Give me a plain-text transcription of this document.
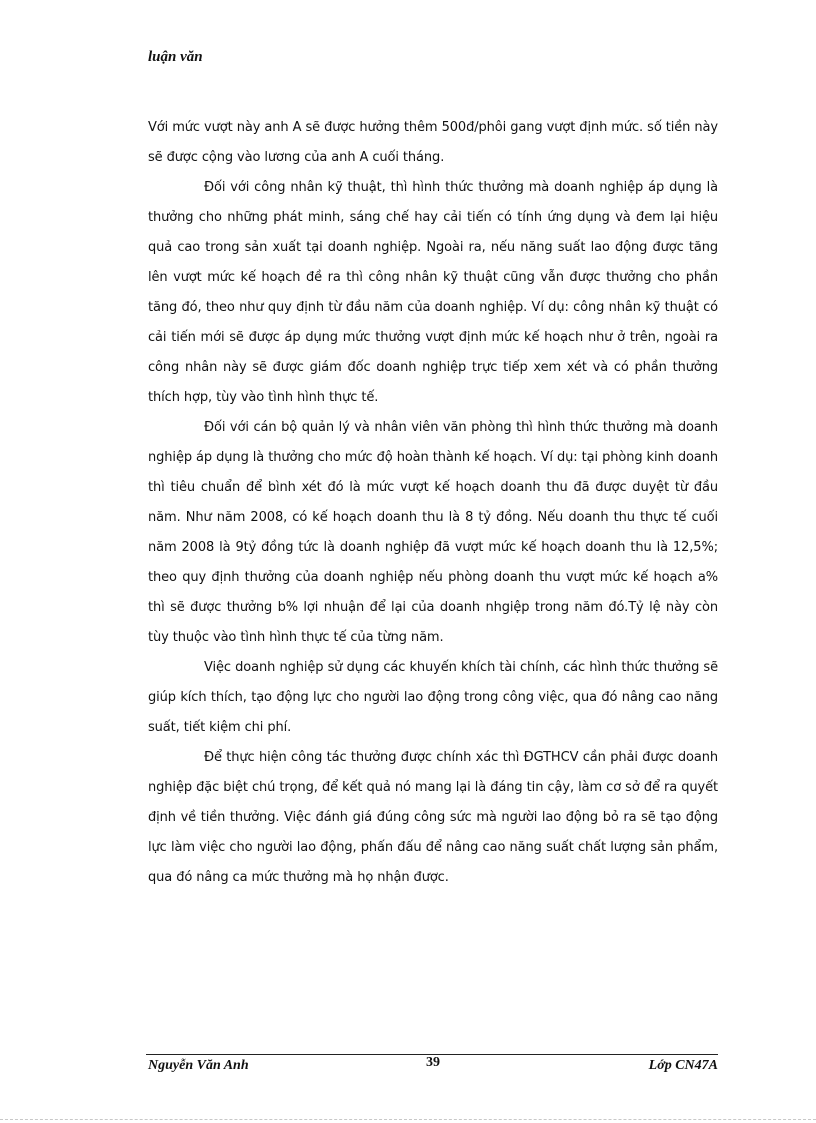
luận văn

Với mức vượt này anh A sẽ được hưởng thêm 500đ/phôi gang vượt định mức. số tiền này sẽ được cộng vào lương của anh A cuối tháng.

Đối với công nhân kỹ thuật, thì hình thức thưởng mà doanh nghiệp áp dụng là thưởng cho những phát minh, sáng chế hay cải tiến có tính ứng dụng và đem lại hiệu quả cao trong sản xuất tại doanh nghiệp. Ngoài ra, nếu năng suất lao động được tăng lên vượt mức kế hoạch đề ra thì công nhân kỹ thuật cũng vẫn được thưởng cho phần tăng đó, theo như quy định từ đầu năm của doanh nghiệp. Ví dụ: công nhân kỹ thuật có cải tiến mới sẽ được áp dụng mức thưởng vượt định mức kế hoạch như ở trên, ngoài ra công nhân này sẽ được giám đốc doanh nghiệp trực tiếp xem xét và có phần thưởng thích hợp, tùy vào tình hình thực tế.

Đối với cán bộ quản lý và nhân viên văn phòng thì hình thức thưởng mà doanh nghiệp áp dụng là thưởng cho mức độ hoàn thành kế hoạch. Ví dụ: tại phòng kinh doanh thì tiêu chuẩn để bình xét đó là mức vượt kế hoạch doanh thu đã được duyệt từ đầu năm. Như năm 2008, có kế hoạch doanh thu là 8 tỷ đồng. Nếu doanh thu thực tế cuối năm 2008 là 9tỷ đồng tức là doanh nghiệp đã vượt mức kế hoạch doanh thu là 12,5%; theo quy định thưởng của doanh nghiệp nếu phòng doanh thu vượt mức kế hoạch a% thì sẽ được thưởng b% lợi nhuận để lại của doanh nhgiệp trong năm đó.Tỷ lệ này còn tùy thuộc vào tình hình thực tế của từng năm.

Việc doanh nghiệp sử dụng các khuyến khích tài chính, các hình thức thưởng sẽ giúp kích thích, tạo động lực cho người lao động trong công việc, qua đó nâng cao năng suất, tiết kiệm chi phí.

Để thực hiện công tác thưởng được chính xác thì ĐGTHCV cần phải được doanh nghiệp đặc biệt chú trọng, để kết quả nó mang lại là đáng tin cậy, làm cơ sở để ra quyết định về tiền thưởng. Việc đánh giá đúng công sức mà người lao động bỏ ra sẽ tạo động lực làm việc cho người lao động, phấn đấu để nâng cao năng suất chất lượng sản phẩm, qua đó nâng ca mức thưởng mà họ nhận được.

Nguyễn Văn Anh	39	Lớp CN47A
